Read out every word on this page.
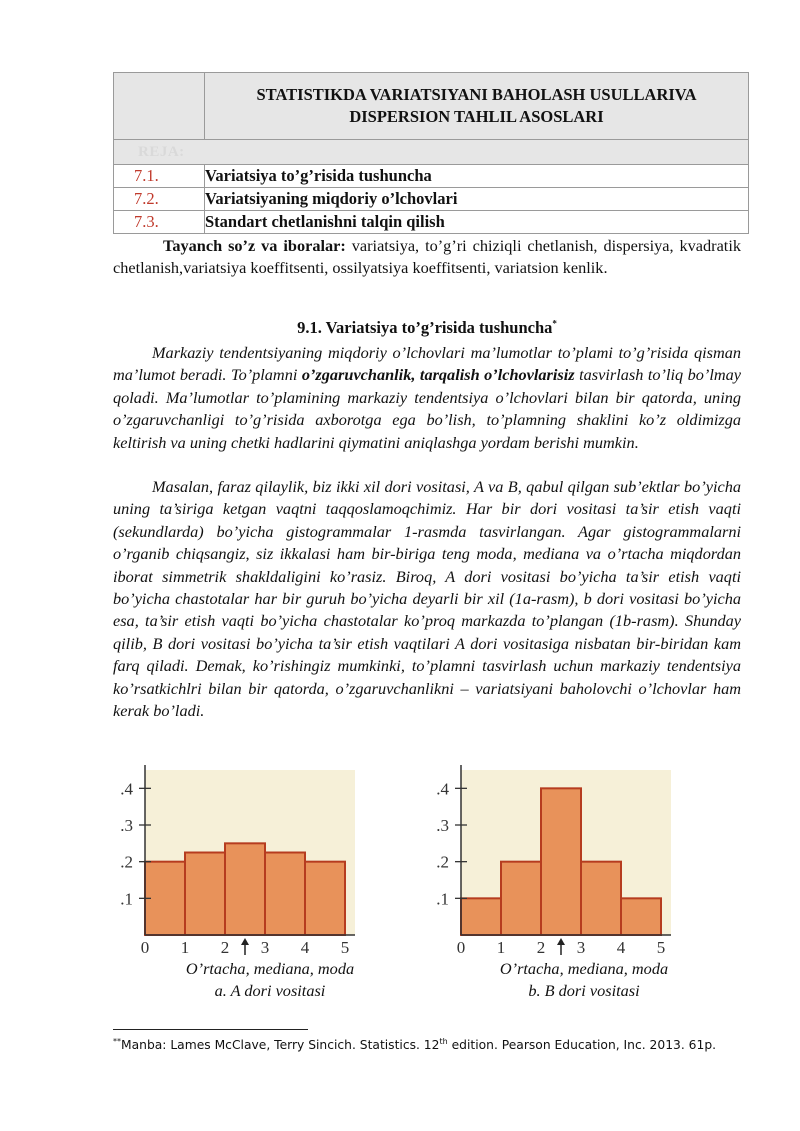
	STATISTIKDA VARIATSIYANI BAHOLASH USULLARIVA
DISPERSION TAHLIL ASOSLARI

REJA:	
7.1.	Variatsiya to’g’risida tushuncha
7.2.	Variatsiyaning miqdoriy o’lchovlari
7.3.	Standart chetlanishni talqin qilish

Tayanch so’z va iboralar: variatsiya, to’g’ri chiziqli chetlanish, dispersiya, kvadratik chetlanish,variatsiya koeffitsenti, ossilyatsiya koeffitsenti, variatsion kenlik.

9.1. Variatsiya to’g’risida tushuncha*

Markaziy tendentsiyaning miqdoriy o’lchovlari ma’lumotlar to’plami to’g’risida qisman ma’lumot beradi. To’plamni o’zgaruvchanlik, tarqalish o’lchovlarisiz tasvirlash to’liq bo’lmay qoladi. Ma’lumotlar to’plamining markaziy tendentsiya o’lchovlari bilan bir qatorda, uning o’zgaruvchanligi to’g’risida axborotga ega bo’lish, to’plamning shaklini ko’z oldimizga keltirish va uning chetki hadlarini qiymatini aniqlashga yordam berishi mumkin.

Masalan, faraz qilaylik, biz ikki xil dori vositasi, A va B, qabul qilgan sub’ektlar bo’yicha uning ta’siriga ketgan vaqtni taqqoslamoqchimiz. Har bir dori vositasi ta’sir etish vaqti (sekundlarda) bo’yicha gistogrammalar 1-rasmda tasvirlangan. Agar gistogrammalarni o’rganib chiqsangiz, siz ikkalasi ham bir-biriga teng moda, mediana va o’rtacha miqdordan iborat simmetrik shakldaligini ko’rasiz. Biroq, A dori vositasi bo’yicha ta’sir etish vaqti bo’yicha chastotalar har bir guruh bo’yicha deyarli bir xil (1a-rasm), b dori vositasi bo’yicha esa, ta’sir etish vaqti bo’yicha chastotalar ko’proq markazda to’plangan (1b-rasm). Shunday qilib, B dori vositasi bo’yicha ta’sir etish vaqtilari A dori vositasiga nisbatan bir-biridan kam farq qiladi. Demak, ko’rishingiz mumkinki, to’plamni tasvirlash uchun markaziy tendentsiya ko’rsatkichlri bilan bir qatorda, o’zgaruvchanlikni – variatsiyani baholovchi o’lchovlar ham kerak bo’ladi.

.1
.2
.3
.4
0 1 2 3 4 5
.1
.2
.3
.4
0 1 2 3 4 5
O’rtacha, mediana, moda
a. A dori vositasi
O’rtacha, mediana, moda
b. B dori vositasi
**Manba: Lames McClave, Terry Sincich. Statistics. 12th edition. Pearson Education, Inc. 2013. 61p.
